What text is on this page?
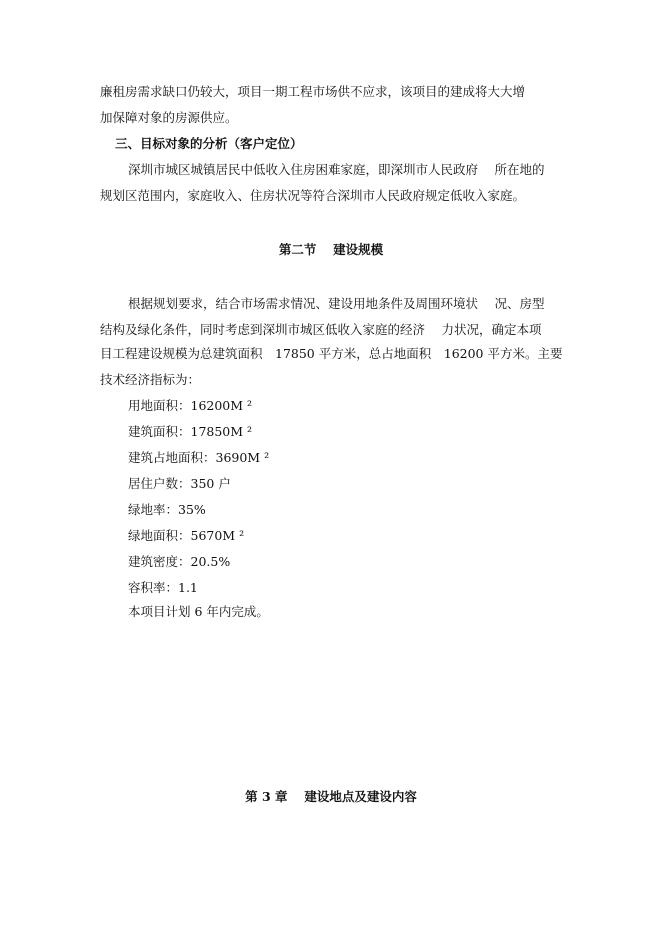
廉租房需求缺口仍较大，项目一期工程市场供不应求，该项目的建成将大大增
加保障对象的房源供应。
三、目标对象的分析（客户定位）
深圳市城区城镇居民中低收入住房困难家庭，即深圳市人民政府　 所在地的
规划区范围内，家庭收入、住房状况等符合深圳市人民政府规定低收入家庭。
第二节　 建设规模
根据规划要求，结合市场需求情况、建设用地条件及周围环境状　 况、房型
结构及绿化条件，同时考虑到深圳市城区低收入家庭的经济　 力状况，确定本项
目工程建设规模为总建筑面积　17850 平方米，总占地面积　16200 平方米。主要
技术经济指标为：
用地面积：16200M ²
建筑面积：17850M ²
建筑占地面积：3690M ²
居住户数：350 户
绿地率：35%
绿地面积：5670M ²
建筑密度：20.5%
容积率：1.1
本项目计划 6 年内完成。
第 3 章　 建设地点及建设内容
